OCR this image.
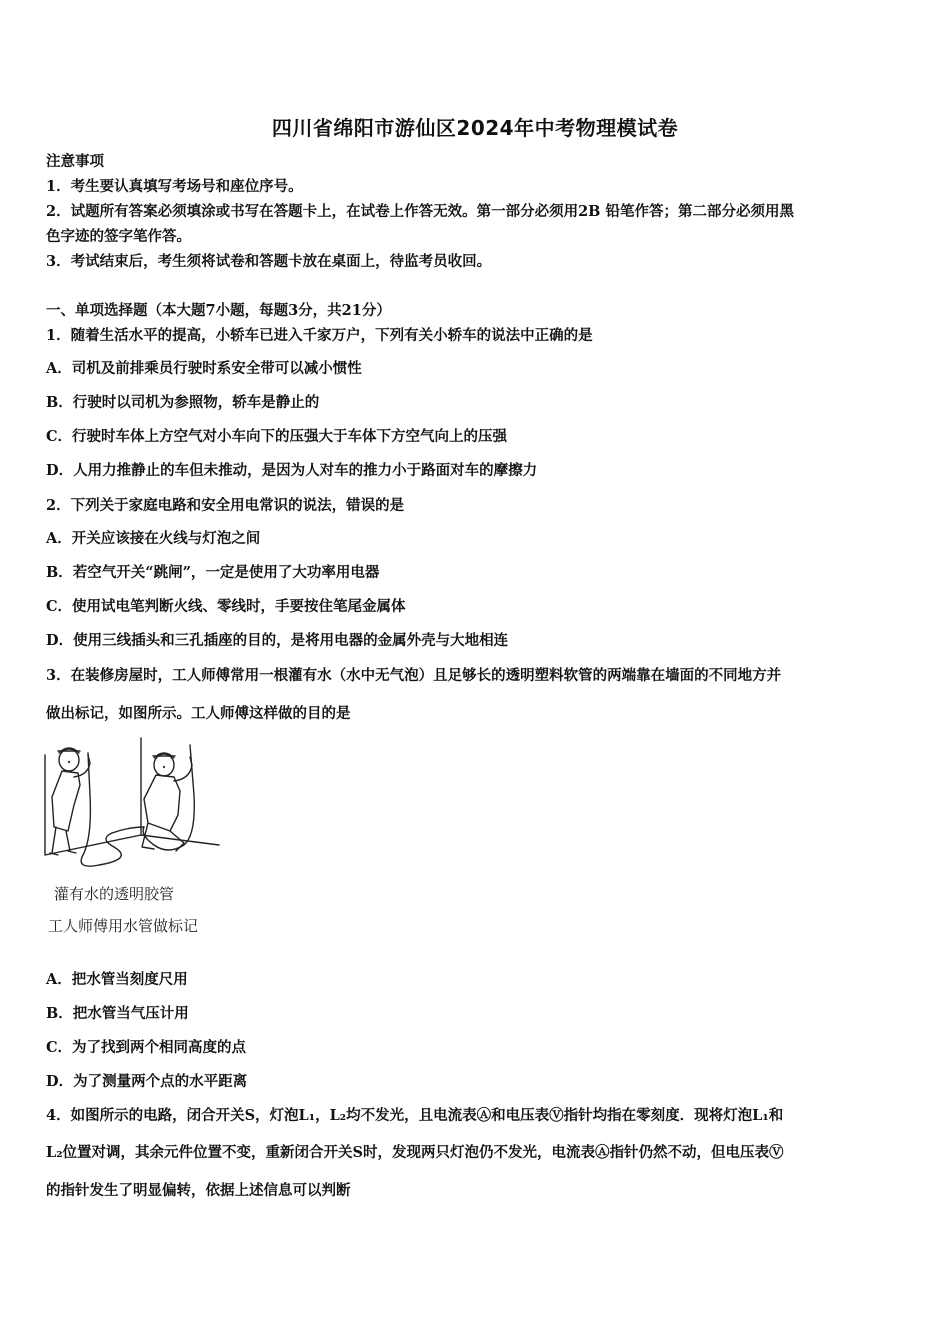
四川省绵阳市游仙区2024年中考物理模试卷
注意事项
1．考生要认真填写考场号和座位序号。
2．试题所有答案必须填涂或书写在答题卡上，在试卷上作答无效。第一部分必须用2B 铅笔作答；第二部分必须用黑
色字迹的签字笔作答。
3．考试结束后，考生须将试卷和答题卡放在桌面上，待监考员收回。
一、单项选择题（本大题7小题，每题3分，共21分）
1．随着生活水平的提高，小轿车已进入千家万户，下列有关小轿车的说法中正确的是
A．司机及前排乘员行驶时系安全带可以减小惯性
B．行驶时以司机为参照物，轿车是静止的
C．行驶时车体上方空气对小车向下的压强大于车体下方空气向上的压强
D．人用力推静止的车但未推动，是因为人对车的推力小于路面对车的摩擦力
2．下列关于家庭电路和安全用电常识的说法，错误的是
A．开关应该接在火线与灯泡之间
B．若空气开关“跳闸”，一定是使用了大功率用电器
C．使用试电笔判断火线、零线时，手要按住笔尾金属体
D．使用三线插头和三孔插座的目的，是将用电器的金属外壳与大地相连
3．在装修房屋时，工人师傅常用一根灌有水（水中无气泡）且足够长的透明塑料软管的两端靠在墙面的不同地方并
做出标记，如图所示。工人师傅这样做的目的是
灌有水的透明胶管
工人师傅用水管做标记
A．把水管当刻度尺用
B．把水管当气压计用
C．为了找到两个相同高度的点
D．为了测量两个点的水平距离
4．如图所示的电路，闭合开关S，灯泡L₁，L₂均不发光，且电流表Ⓐ和电压表Ⓥ指针均指在零刻度．现将灯泡L₁和
L₂位置对调，其余元件位置不变，重新闭合开关S时，发现两只灯泡仍不发光，电流表Ⓐ指针仍然不动，但电压表Ⓥ
的指针发生了明显偏转，依据上述信息可以判断
